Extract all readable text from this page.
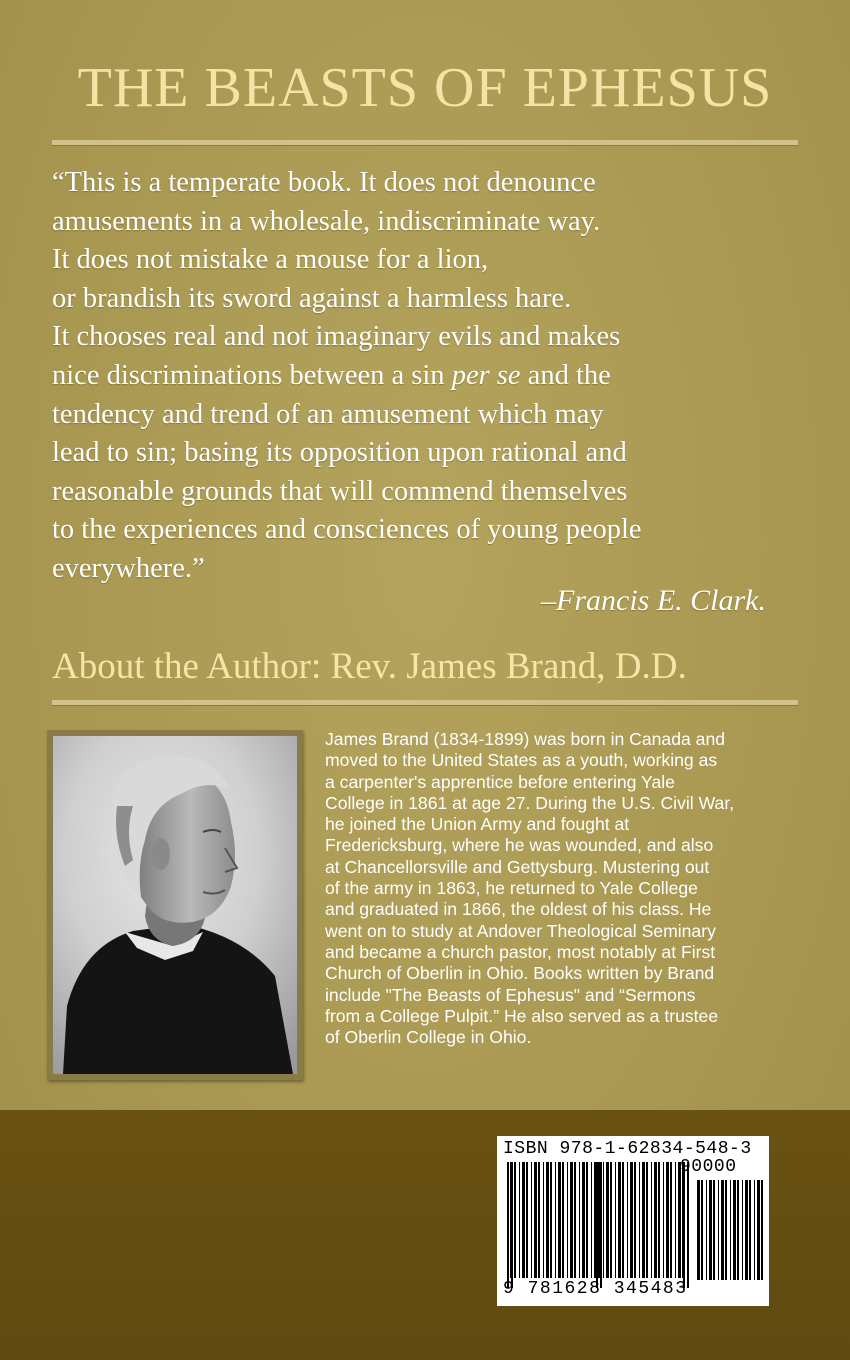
THE BEASTS OF EPHESUS
“This is a temperate book. It does not denounce
amusements in a wholesale, indiscriminate way.
It does not mistake a mouse for a lion,
or brandish its sword against a harmless hare.
It chooses real and not imaginary evils and makes
nice discriminations between a sin per se and the
tendency and trend of an amusement which may
lead to sin; basing its opposition upon rational and
reasonable grounds that will commend themselves
to the experiences and consciences of young people
everywhere.”
–Francis E. Clark.
About the Author: Rev. James Brand, D.D.
James Brand (1834-1899) was born in Canada and
moved to the United States as a youth, working as
a carpenter's apprentice before entering Yale
College in 1861 at age 27. During the U.S. Civil War,
he joined the Union Army and fought at
Fredericksburg, where he was wounded, and also
at Chancellorsville and Gettysburg. Mustering out
of the army in 1863, he returned to Yale College
and graduated in 1866, the oldest of his class. He
went on to study at Andover Theological Seminary
and became a church pastor, most notably at First
Church of Oberlin in Ohio. Books written by Brand
include "The Beasts of Ephesus" and “Sermons
from a College Pulpit.” He also served as a trustee
of Oberlin College in Ohio.
ISBN 978-1-62834-548-3
90000
9 781628 345483
